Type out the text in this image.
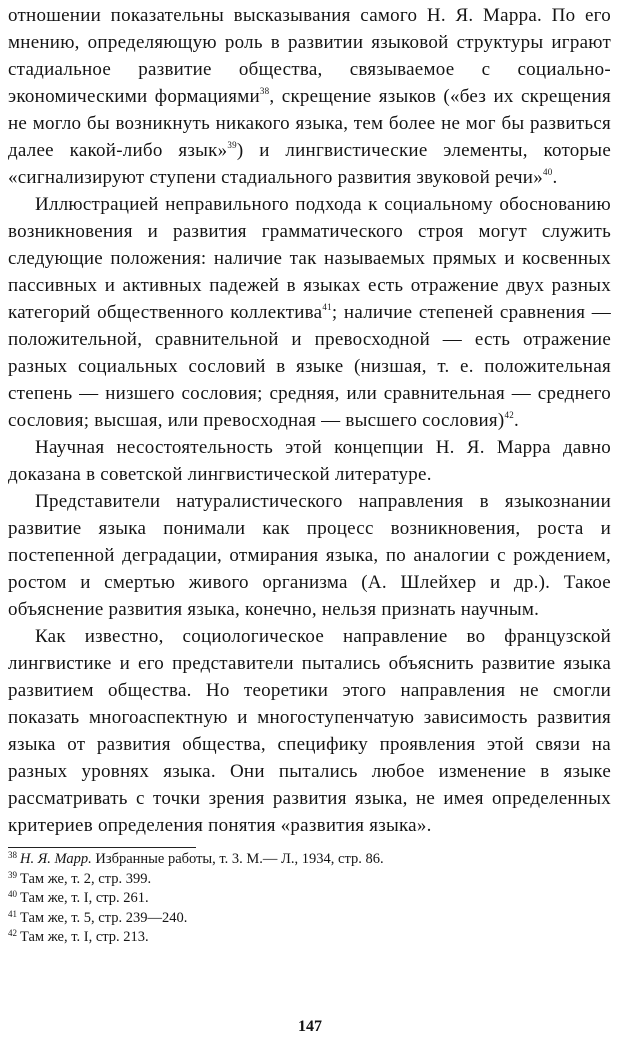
отношении показательны высказывания самого Н. Я. Марра. По его мнению, определяющую роль в развитии языковой структуры играют стадиальное развитие общества, связываемое с социально-экономическими формациями$^{38}$, скрещение языков («без их скрещения не могло бы возникнуть никакого языка, тем более не мог бы развиться далее какой-либо язык»$^{39}$) и лингвистические элементы, которые «сигнализируют ступени стадиального развития звуковой речи»$^{40}$.

Иллюстрацией неправильного подхода к социальному обоснованию возникновения и развития грамматического строя могут служить следующие положения: наличие так называемых прямых и косвенных пассивных и активных падежей в языках есть отражение двух разных категорий общественного коллектива$^{41}$; наличие степеней сравнения — положительной, сравнительной и превосходной — есть отражение разных социальных сословий в языке (низшая, т. е. положительная степень — низшего сословия; средняя, или сравнительная — среднего сословия; высшая, или превосходная — высшего сословия)$^{42}$.

Научная несостоятельность этой концепции Н. Я. Марра давно доказана в советской лингвистической литературе.

Представители натуралистического направления в языкознании развитие языка понимали как процесс возникновения, роста и постепенной деградации, отмирания языка, по аналогии с рождением, ростом и смертью живого организма (А. Шлейхер и др.). Такое объяснение развития языка, конечно, нельзя признать научным.

Как известно, социологическое направление во французской лингвистике и его представители пытались объяснить развитие языка развитием общества. Но теоретики этого направления не смогли показать многоаспектную и многоступенчатую зависимость развития языка от развития общества, специфику проявления этой связи на разных уровнях языка. Они пытались любое изменение в языке рассматривать с точки зрения развития языка, не имея определенных критериев определения понятия «развития языка».

$^{38}$ Н. Я. Марр. Избранные работы, т. 3. М.— Л., 1934, стр. 86.
$^{39}$ Там же, т. 2, стр. 399.
$^{40}$ Там же, т. I, стр. 261.
$^{41}$ Там же, т. 5, стр. 239—240.
$^{42}$ Там же, т. I, стр. 213.
147
